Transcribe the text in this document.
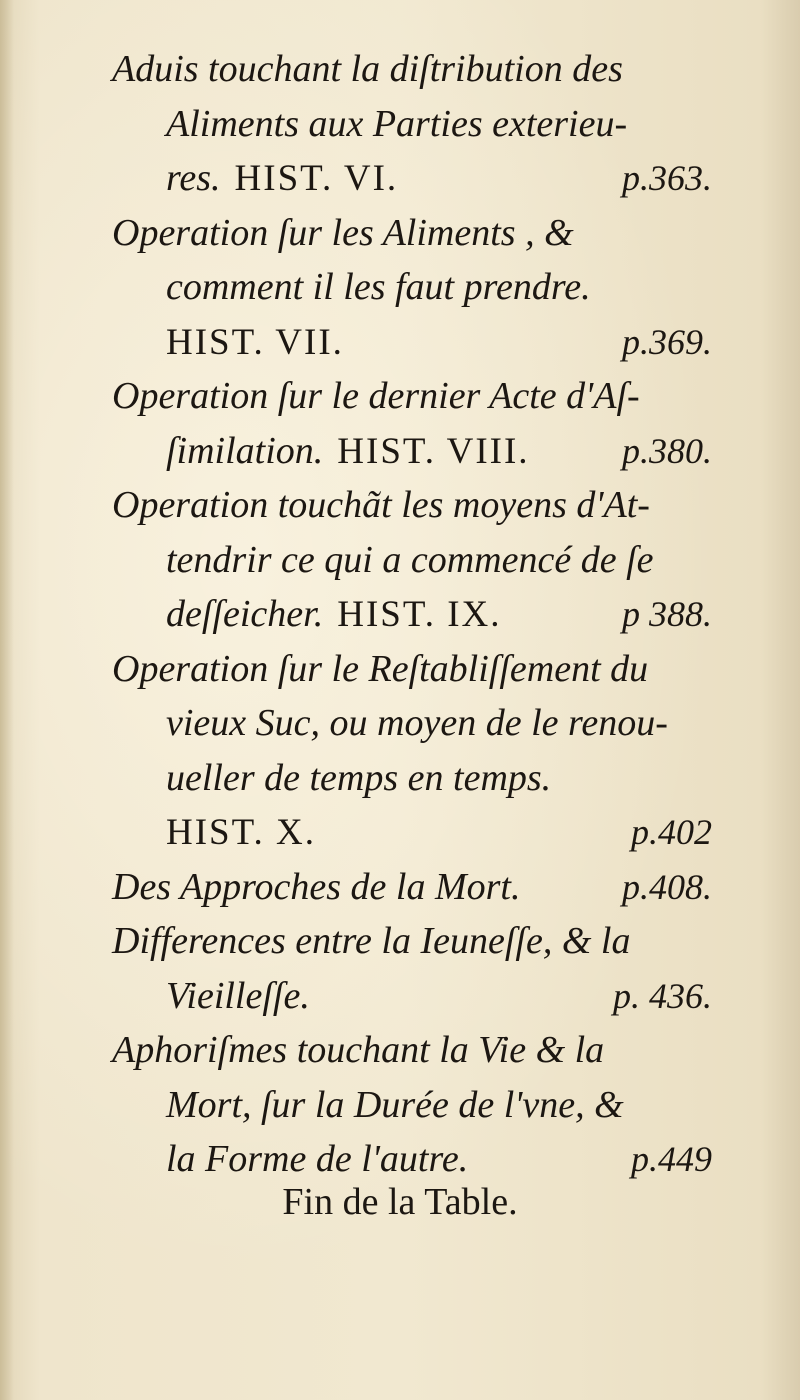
Aduis touchant la diſtribution des
Aliments aux Parties exterieu-
res. HIST. VI.	p.363.
Operation ſur les Aliments , &
comment il les faut prendre.
HIST. VII.	p.369.
Operation ſur le dernier Acte d'Aſ-
ſimilation. HIST. VIII.	p.380.
Operation touchãt les moyens d'At-
tendrir ce qui a commencé de ſe
deſſeicher. HIST. IX.	p 388.
Operation ſur le Reſtabliſſement du
vieux Suc, ou moyen de le renou-
ueller de temps en temps.
HIST. X.	p.402
Des Approches de la Mort.	p.408.
Differences entre la Ieuneſſe, & la
Vieilleſſe.	p. 436.
Aphoriſmes touchant la Vie & la
Mort, ſur la Durée de l'vne, &
la Forme de l'autre.	p.449
Fin de la Table.
